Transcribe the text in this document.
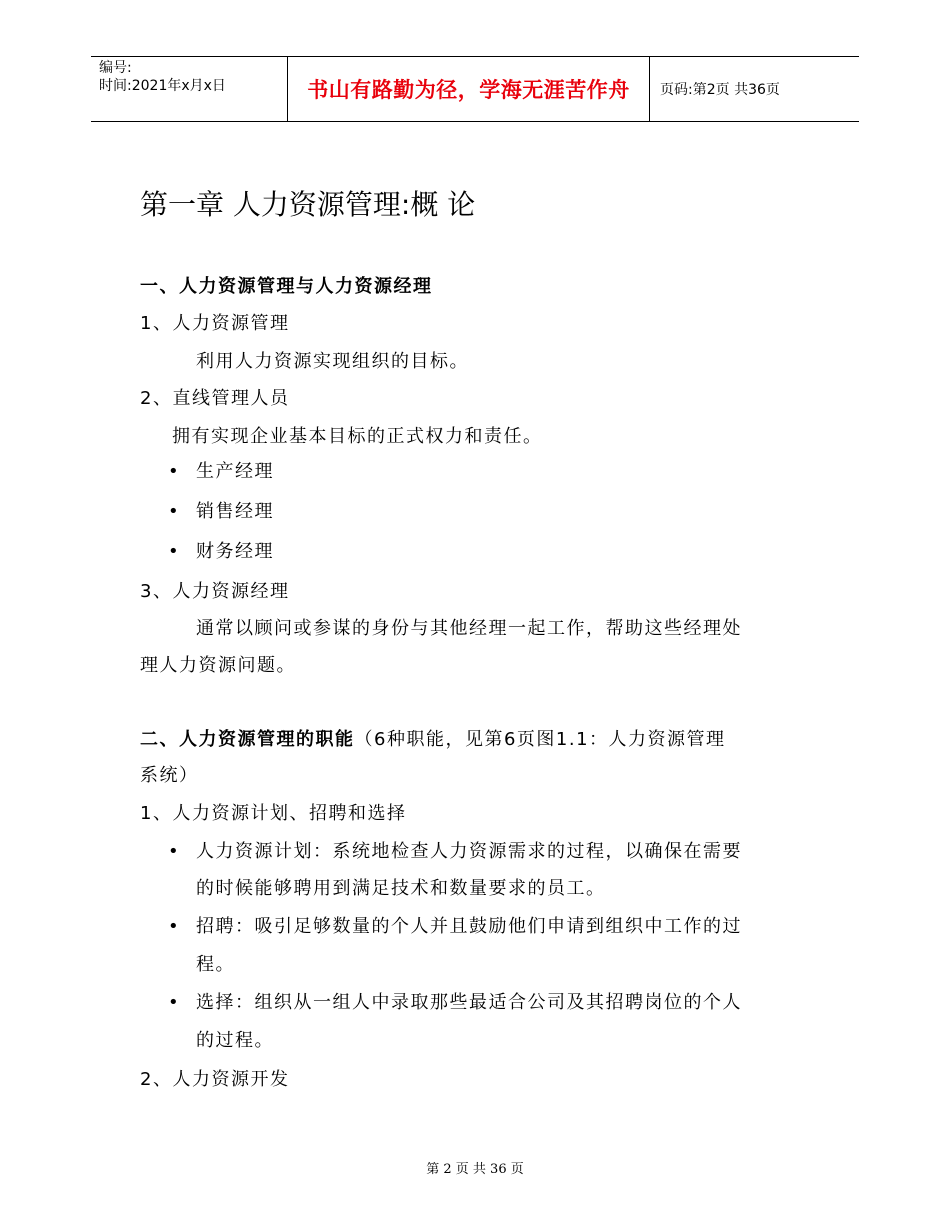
编号:
时间:2021年x月x日	书山有路勤为径，学海无涯苦作舟 页码:第2页 共36页
第一章 人力资源管理:概 论
一、人力资源管理与人力资源经理
1、人力资源管理
利用人力资源实现组织的目标。
2、直线管理人员
拥有实现企业基本目标的正式权力和责任。
• 生产经理
• 销售经理
• 财务经理
3、人力资源经理
通常以顾问或参谋的身份与其他经理一起工作，帮助这些经理处
理人力资源问题。
二、人力资源管理的职能（6种职能，见第6页图1.1：人力资源管理
系统）
1、人力资源计划、招聘和选择
• 人力资源计划：系统地检查人力资源需求的过程，以确保在需要
的时候能够聘用到满足技术和数量要求的员工。
• 招聘：吸引足够数量的个人并且鼓励他们申请到组织中工作的过
程。
• 选择：组织从一组人中录取那些最适合公司及其招聘岗位的个人
的过程。
2、人力资源开发
第 2 页 共 36 页
